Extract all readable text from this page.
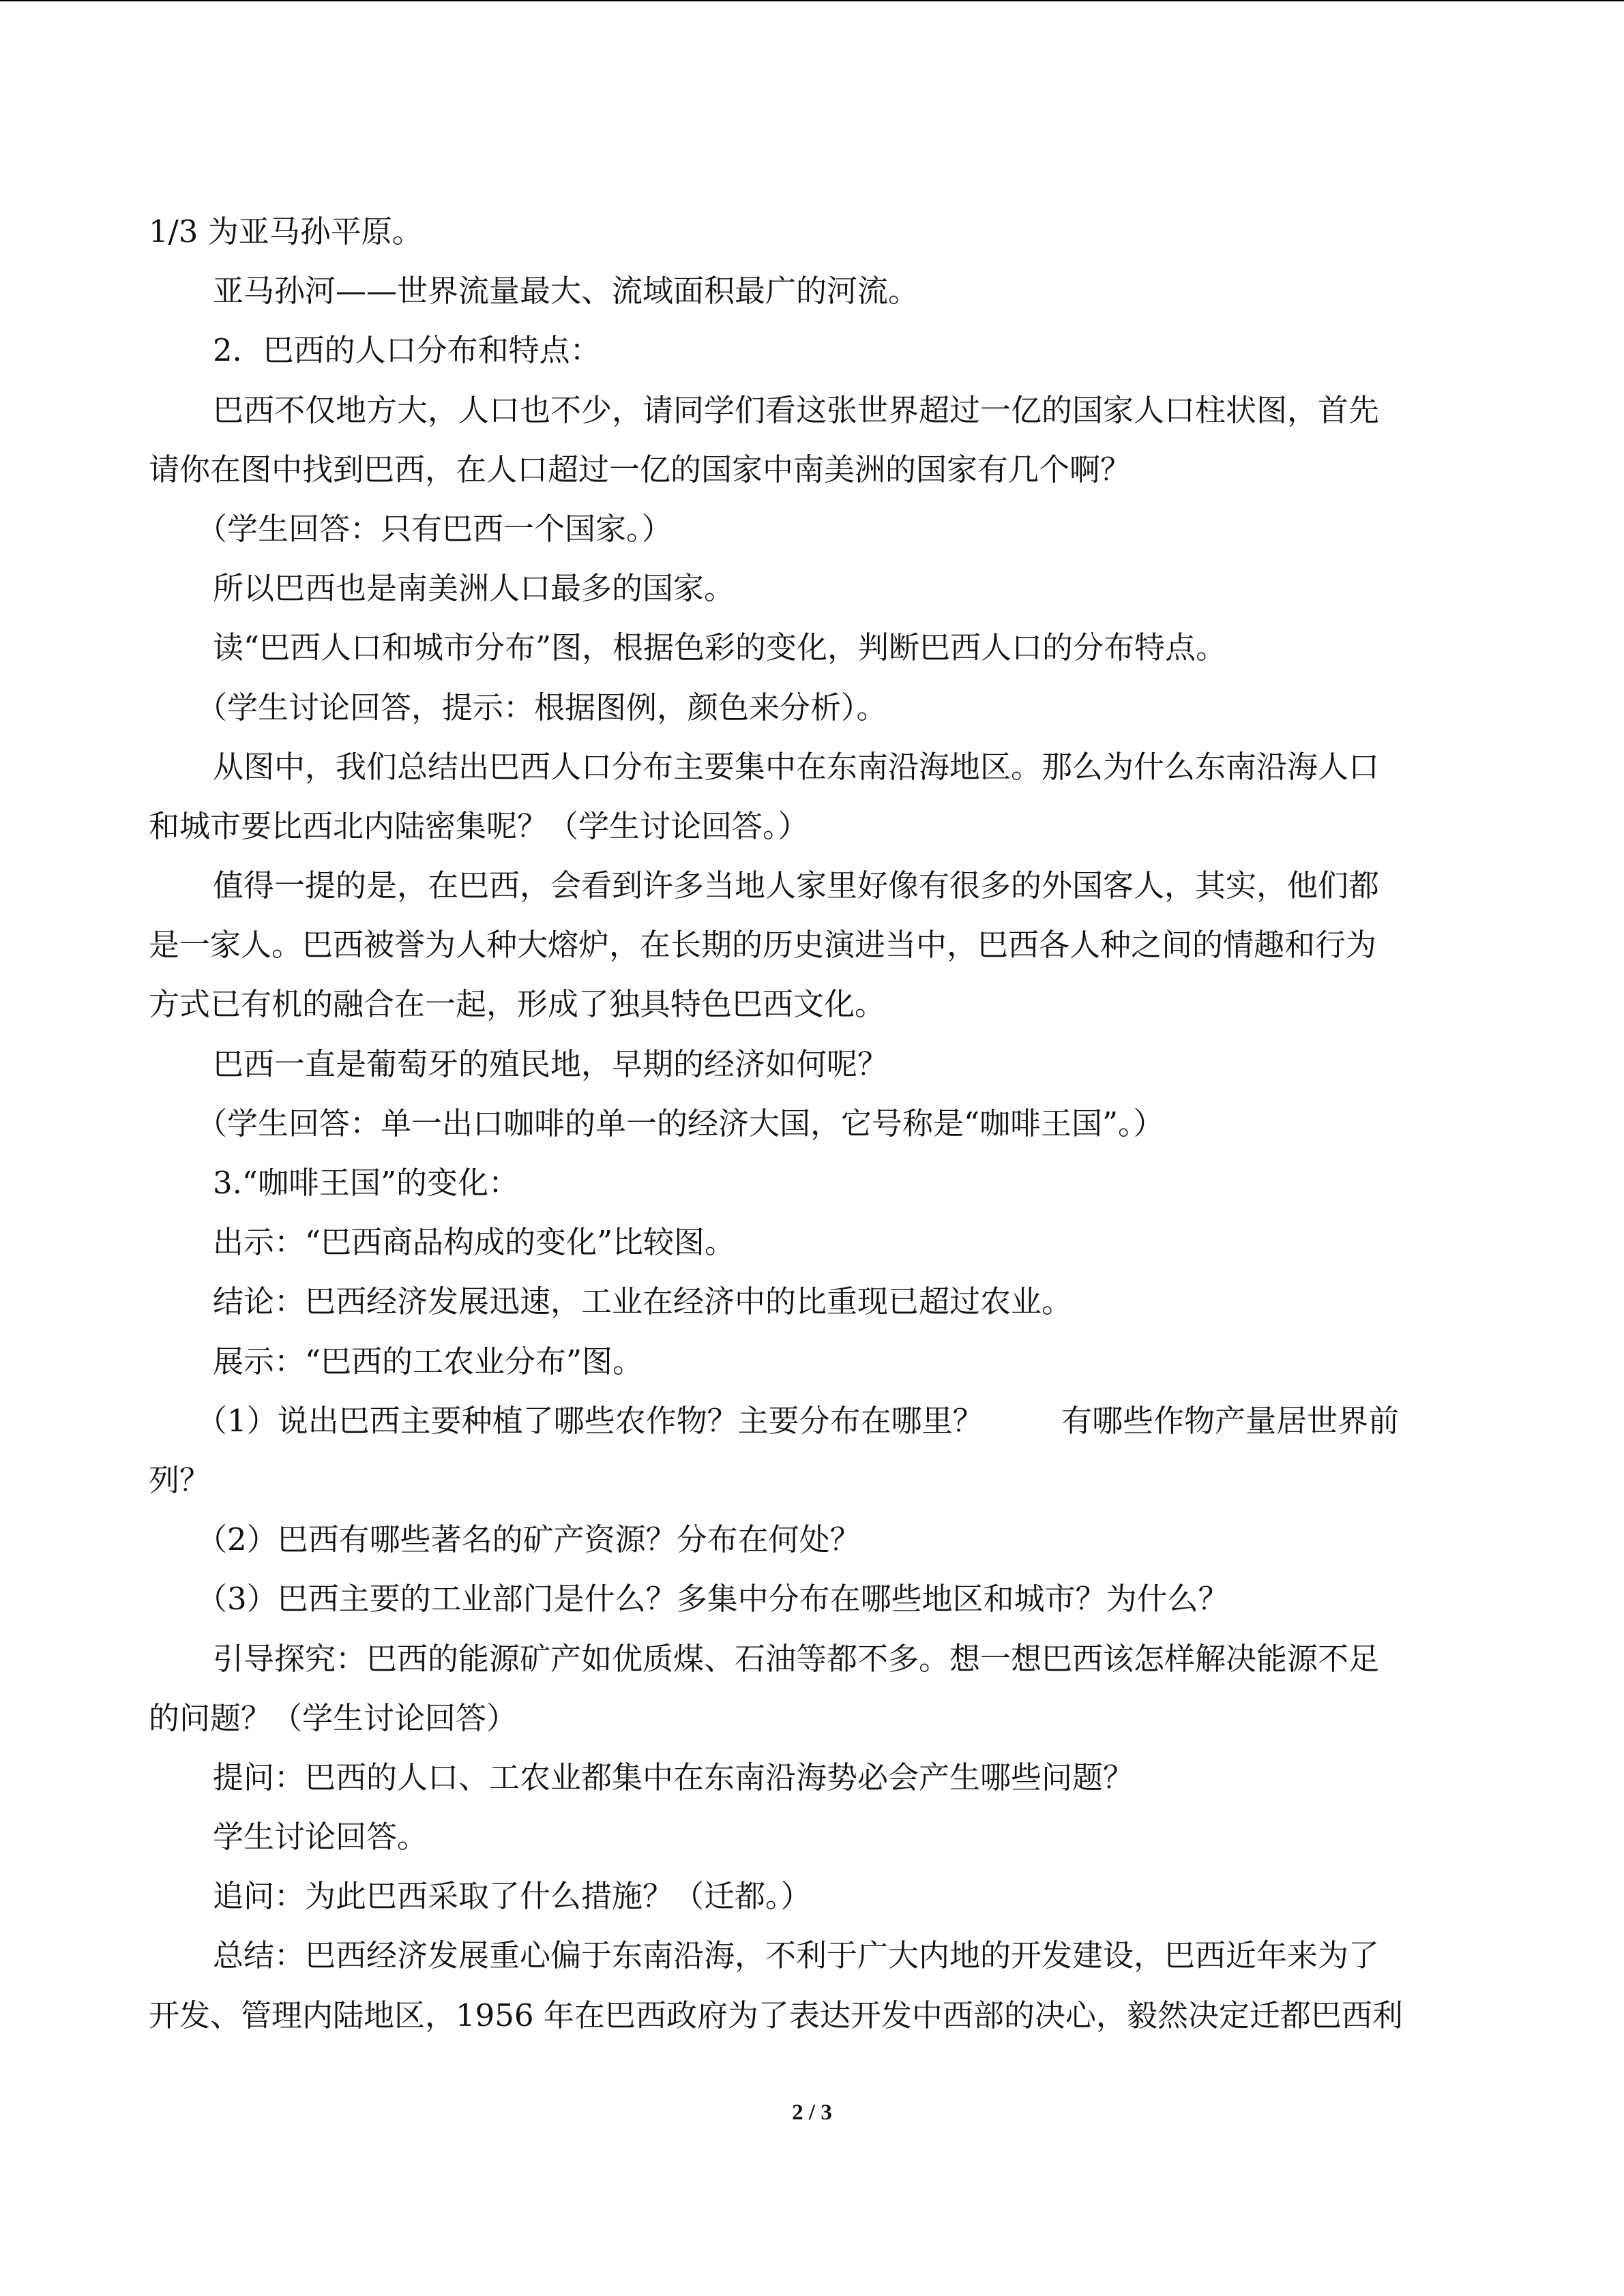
1/3 为亚马孙平原。

亚马孙河——世界流量最大、流域面积最广的河流。

2．巴西的人口分布和特点：

巴西不仅地方大，人口也不少，请同学们看这张世界超过一亿的国家人口柱状图，首先

请你在图中找到巴西，在人口超过一亿的国家中南美洲的国家有几个啊？

（学生回答：只有巴西一个国家。）

所以巴西也是南美洲人口最多的国家。

读“巴西人口和城市分布”图，根据色彩的变化，判断巴西人口的分布特点。

（学生讨论回答，提示：根据图例，颜色来分析）。

从图中，我们总结出巴西人口分布主要集中在东南沿海地区。那么为什么东南沿海人口

和城市要比西北内陆密集呢？（学生讨论回答。）

值得一提的是，在巴西，会看到许多当地人家里好像有很多的外国客人，其实，他们都

是一家人。巴西被誉为人种大熔炉，在长期的历史演进当中，巴西各人种之间的情趣和行为

方式已有机的融合在一起，形成了独具特色巴西文化。

巴西一直是葡萄牙的殖民地，早期的经济如何呢？

（学生回答：单一出口咖啡的单一的经济大国，它号称是“咖啡王国”。）

3.“咖啡王国”的变化：

出示：“巴西商品构成的变化”比较图。

结论：巴西经济发展迅速，工业在经济中的比重现已超过农业。

展示：“巴西的工农业分布”图。

（1）说出巴西主要种植了哪些农作物？主要分布在哪里？        有哪些作物产量居世界前

列？

（2）巴西有哪些著名的矿产资源？分布在何处？

（3）巴西主要的工业部门是什么？多集中分布在哪些地区和城市？为什么？

引导探究：巴西的能源矿产如优质煤、石油等都不多。想一想巴西该怎样解决能源不足

的问题？（学生讨论回答）

提问：巴西的人口、工农业都集中在东南沿海势必会产生哪些问题？

学生讨论回答。

追问：为此巴西采取了什么措施？（迁都。）

总结：巴西经济发展重心偏于东南沿海，不利于广大内地的开发建设，巴西近年来为了

开发、管理内陆地区，1956 年在巴西政府为了表达开发中西部的决心，毅然决定迁都巴西利

2 / 3
